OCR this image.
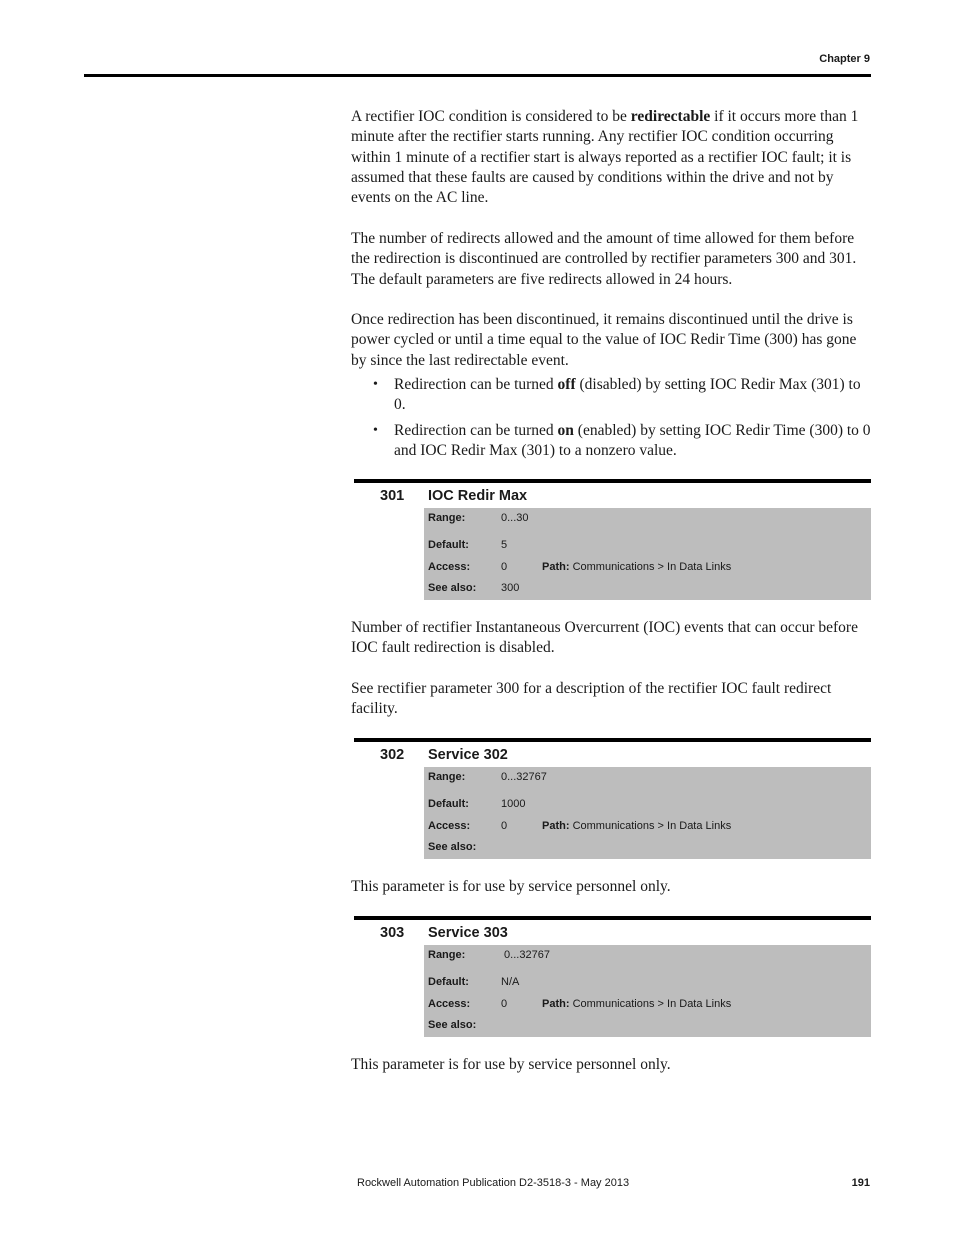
Chapter 9

A rectifier IOC condition is considered to be redirectable if it occurs more than 1 minute after the rectifier starts running. Any rectifier IOC condition occurring within 1 minute of a rectifier start is always reported as a rectifier IOC fault; it is assumed that these faults are caused by conditions within the drive and not by events on the AC line.

The number of redirects allowed and the amount of time allowed for them before the redirection is discontinued are controlled by rectifier parameters 300 and 301. The default parameters are five redirects allowed in 24 hours.

Once redirection has been discontinued, it remains discontinued until the drive is power cycled or until a time equal to the value of IOC Redir Time (300) has gone by since the last redirectable event.

• Redirection can be turned off (disabled) by setting IOC Redir Max (301) to 0.
• Redirection can be turned on (enabled) by setting IOC Redir Time (300) to 0 and IOC Redir Max (301) to a nonzero value.
301 IOC Redir Max
Range:	0...30
Default:	5
Access:	0	Path: Communications > In Data Links
See also: 300

Number of rectifier Instantaneous Overcurrent (IOC) events that can occur before IOC fault redirection is disabled.

See rectifier parameter 300 for a description of the rectifier IOC fault redirect facility.

302 Service 302
Range:	0...32767
Default:	1000
Access:	0	Path: Communications > In Data Links
See also:

This parameter is for use by service personnel only.

303 Service 303
Range:	0...32767
Default:	N/A
Access:	0	Path: Communications > In Data Links
See also:

This parameter is for use by service personnel only.

Rockwell Automation Publication D2-3518-3 - May 2013	191
